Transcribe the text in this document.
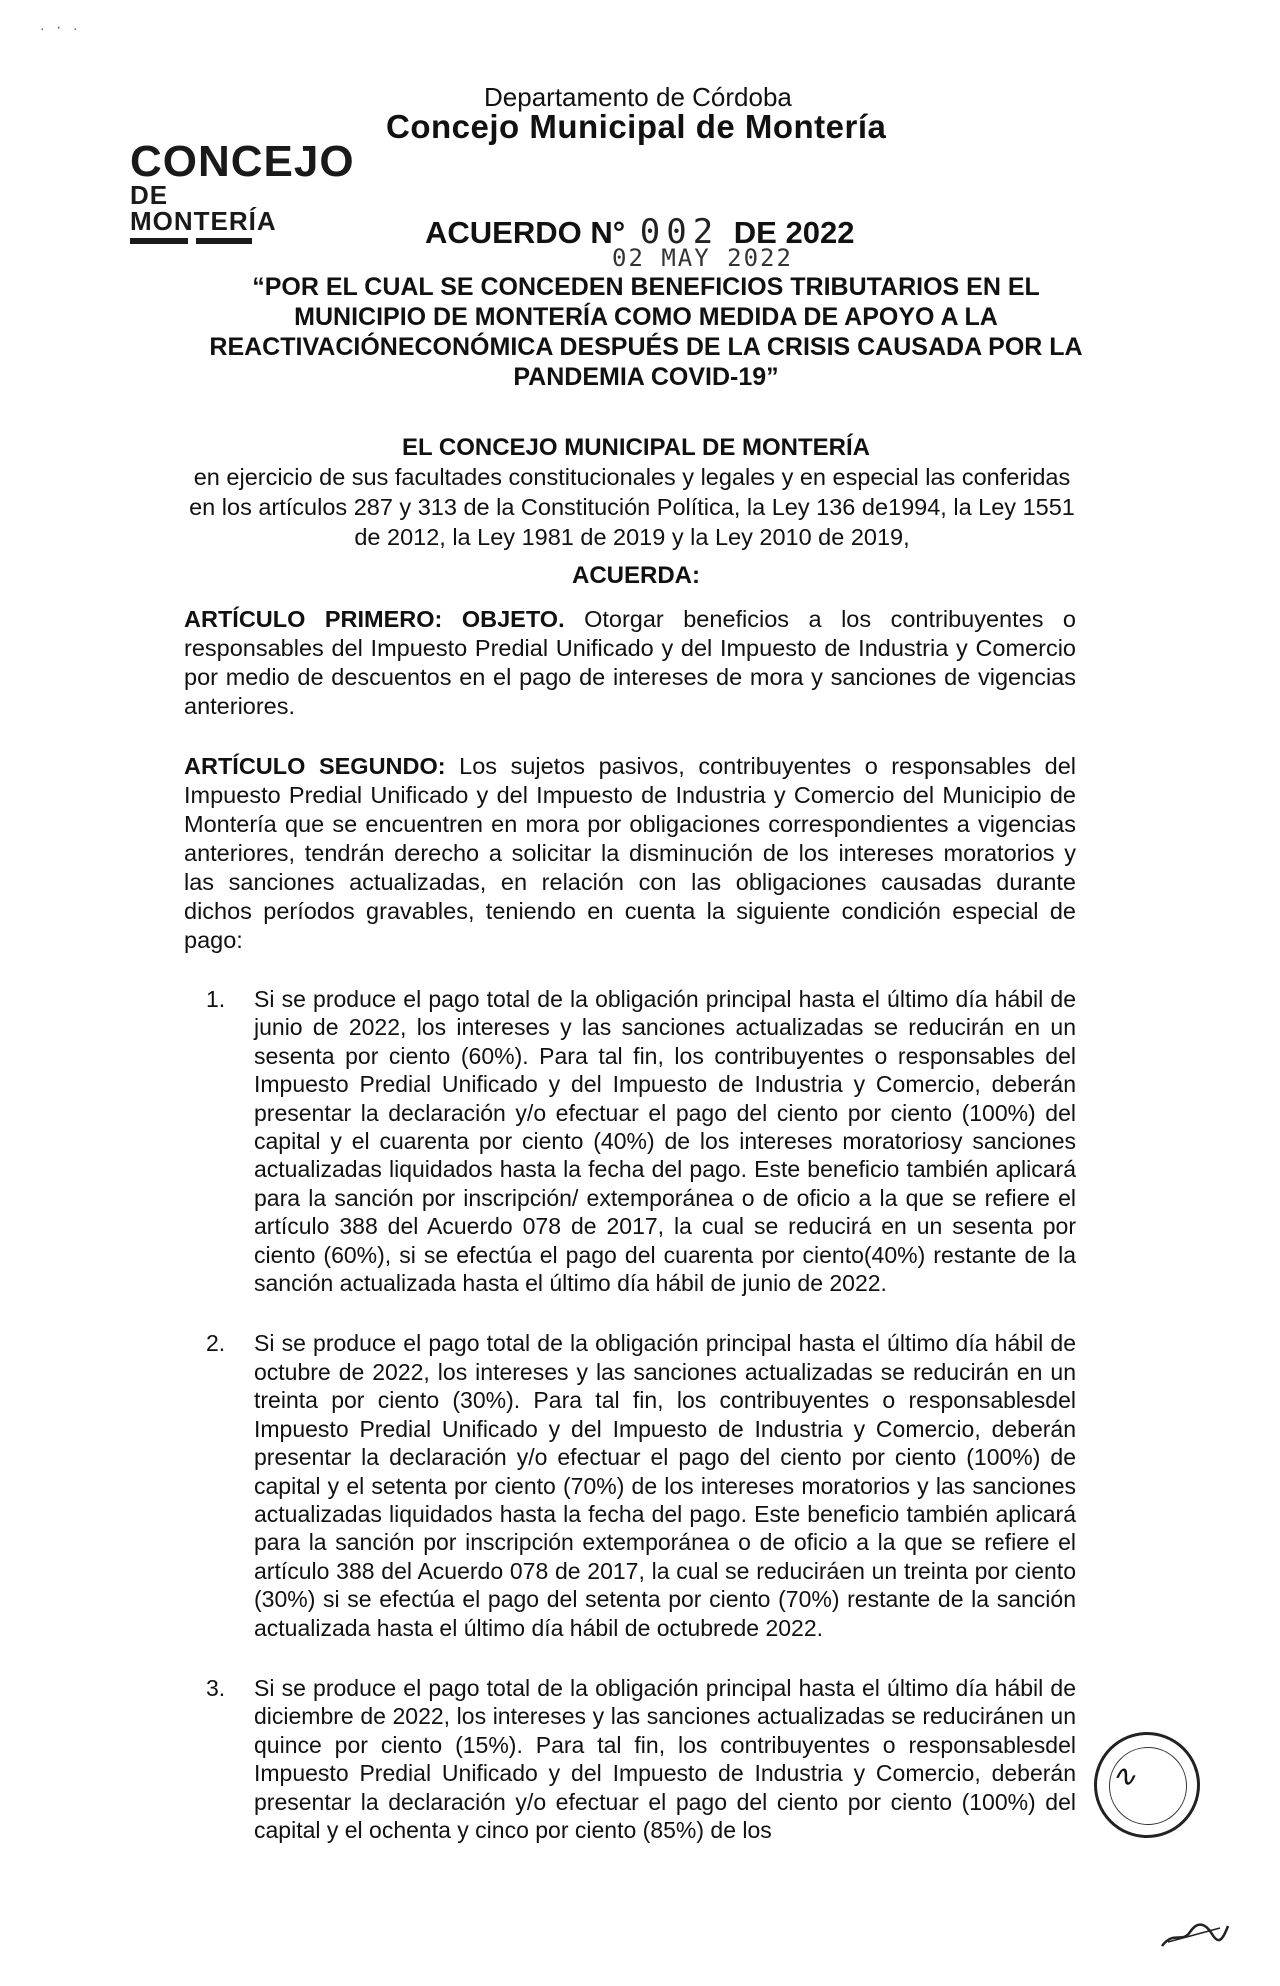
· ‧ ·
CONCEJO
DE MONTERÍA
Departamento de Córdoba
Concejo Municipal de Montería
ACUERDO N° 002 DE 2022
02 MAY 2022
“POR EL CUAL SE CONCEDEN BENEFICIOS TRIBUTARIOS EN EL MUNICIPIO DE MONTERÍA COMO MEDIDA DE APOYO A LA REACTIVACIÓNECONÓMICA DESPUÉS DE LA CRISIS CAUSADA POR LA PANDEMIA COVID-19”
EL CONCEJO MUNICIPAL DE MONTERÍA
en ejercicio de sus facultades constitucionales y legales y en especial las conferidas en los artículos 287 y 313 de la Constitución Política, la Ley 136 de1994, la Ley 1551 de 2012, la Ley 1981 de 2019 y la Ley 2010 de 2019,
ACUERDA:
ARTÍCULO PRIMERO: OBJETO. Otorgar beneficios a los contribuyentes o responsables del Impuesto Predial Unificado y del Impuesto de Industria y Comercio por medio de descuentos en el pago de intereses de mora y sanciones de vigencias anteriores.
ARTÍCULO SEGUNDO: Los sujetos pasivos, contribuyentes o responsables del Impuesto Predial Unificado y del Impuesto de Industria y Comercio del Municipio de Montería que se encuentren en mora por obligaciones correspondientes a vigencias anteriores, tendrán derecho a solicitar la disminución de los intereses moratorios y las sanciones actualizadas, en relación con las obligaciones causadas durante dichos períodos gravables, teniendo en cuenta la siguiente condición especial de pago:
1. Si se produce el pago total de la obligación principal hasta el último día hábil de junio de 2022, los intereses y las sanciones actualizadas se reducirán en un sesenta por ciento (60%). Para tal fin, los contribuyentes o responsables del Impuesto Predial Unificado y del Impuesto de Industria y Comercio, deberán presentar la declaración y/o efectuar el pago del ciento por ciento (100%) del capital y el cuarenta por ciento (40%) de los intereses moratoriosy sanciones actualizadas liquidados hasta la fecha del pago. Este beneficio también aplicará para la sanción por inscripción/ extemporánea o de oficio a la que se refiere el artículo 388 del Acuerdo 078 de 2017, la cual se reducirá en un sesenta por ciento (60%), si se efectúa el pago del cuarenta por ciento(40%) restante de la sanción actualizada hasta el último día hábil de junio de 2022.
2. Si se produce el pago total de la obligación principal hasta el último día hábil de octubre de 2022, los intereses y las sanciones actualizadas se reducirán en un treinta por ciento (30%). Para tal fin, los contribuyentes o responsablesdel Impuesto Predial Unificado y del Impuesto de Industria y Comercio, deberán presentar la declaración y/o efectuar el pago del ciento por ciento (100%) de capital y el setenta por ciento (70%) de los intereses moratorios y las sanciones actualizadas liquidados hasta la fecha del pago. Este beneficio también aplicará para la sanción por inscripción extemporánea o de oficio a la que se refiere el artículo 388 del Acuerdo 078 de 2017, la cual se reduciráen un treinta por ciento (30%) si se efectúa el pago del setenta por ciento (70%) restante de la sanción actualizada hasta el último día hábil de octubrede 2022.
3. Si se produce el pago total de la obligación principal hasta el último día hábil de diciembre de 2022, los intereses y las sanciones actualizadas se reduciránen un quince por ciento (15%). Para tal fin, los contribuyentes o responsablesdel Impuesto Predial Unificado y del Impuesto de Industria y Comercio, deberán presentar la declaración y/o efectuar el pago del ciento por ciento (100%) del capital y el ochenta y cinco por ciento (85%) de los
∿
